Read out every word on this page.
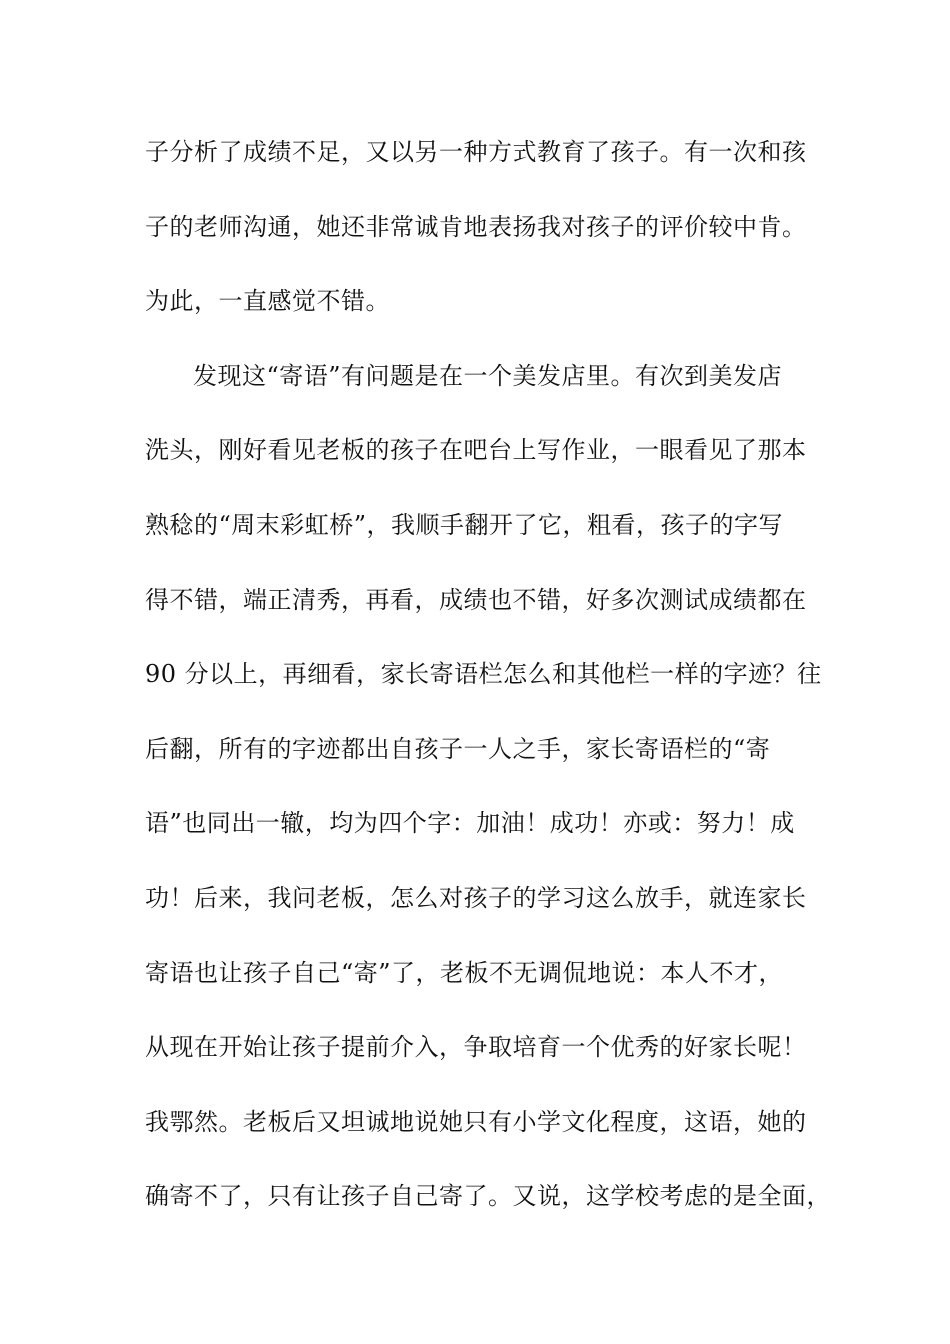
子分析了成绩不足，又以另一种方式教育了孩子。有一次和孩
子的老师沟通，她还非常诚肯地表扬我对孩子的评价较中肯。
为此，一直感觉不错。
发现这“寄语”有问题是在一个美发店里。有次到美发店
洗头，刚好看见老板的孩子在吧台上写作业，一眼看见了那本
熟稔的“周末彩虹桥”，我顺手翻开了它，粗看，孩子的字写
得不错，端正清秀，再看，成绩也不错，好多次测试成绩都在
90 分以上，再细看，家长寄语栏怎么和其他栏一样的字迹？往
后翻，所有的字迹都出自孩子一人之手，家长寄语栏的“寄
语”也同出一辙，均为四个字：加油！成功！亦或：努力！成
功！后来，我问老板，怎么对孩子的学习这么放手，就连家长
寄语也让孩子自己“寄”了，老板不无调侃地说：本人不才，
从现在开始让孩子提前介入，争取培育一个优秀的好家长呢！
我鄂然。老板后又坦诚地说她只有小学文化程度，这语，她的
确寄不了，只有让孩子自己寄了。又说，这学校考虑的是全面，
